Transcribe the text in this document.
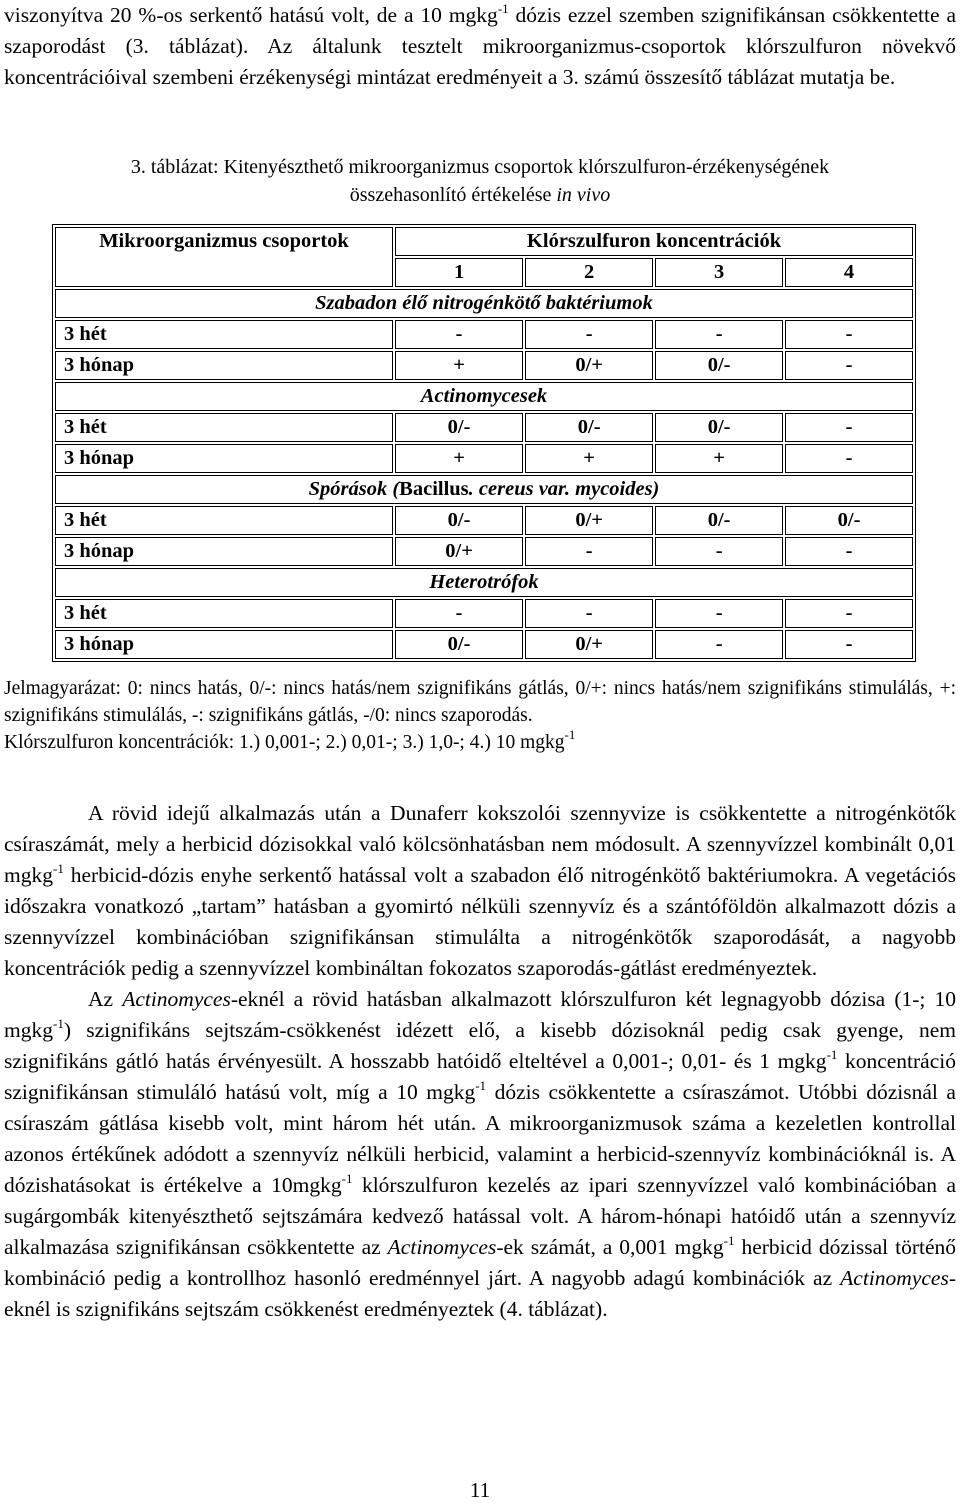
viszonyítva 20 %-os serkentő hatású volt, de a 10 mgkg$^{-1}$ dózis ezzel szemben szignifikánsan csökkentette a szaporodást (3. táblázat). Az általunk tesztelt mikroorganizmus-csoportok klórszulfuron növekvő koncentrációival szembeni érzékenységi mintázat eredményeit a 3. számú összesítő táblázat mutatja be.

3. táblázat: Kitenyészthető mikroorganizmus csoportok klórszulfuron-érzékenységének
összehasonlító értékelése in vivo
Mikroorganizmus csoportok	Klórszulfuron koncentrációk			
	1	2	3	4
Szabadon élő nitrogénkötő baktériumok				
3 hét	-	-	-	-
3 hónap	+	0/+	0/-	-
Actinomycesek				
3 hét	0/-	0/-	0/-	-
3 hónap	+	+	+	-
Spórások (Bacillus. cereus var. mycoides)				
3 hét	0/-	0/+	0/-	0/-
3 hónap	0/+	-	-	-
Heterotrófok				
3 hét	-	-	-	-
3 hónap	0/-	0/+	-	-

Jelmagyarázat: 0: nincs hatás, 0/-: nincs hatás/nem szignifikáns gátlás, 0/+: nincs hatás/nem szignifikáns stimulálás, +: szignifikáns stimulálás, -: szignifikáns gátlás, -/0: nincs szaporodás.

Klórszulfuron koncentrációk: 1.) 0,001-; 2.) 0,01-; 3.) 1,0-; 4.) 10 mgkg$^{-1}$

A rövid idejű alkalmazás után a Dunaferr kokszolói szennyvize is csökkentette a nitrogénkötők csíraszámát, mely a herbicid dózisokkal való kölcsönhatásban nem módosult. A szennyvízzel kombinált 0,01 mgkg$^{-1}$ herbicid-dózis enyhe serkentő hatással volt a szabadon élő nitrogénkötő baktériumokra. A vegetációs időszakra vonatkozó „tartam” hatásban a gyomirtó nélküli szennyvíz és a szántóföldön alkalmazott dózis a szennyvízzel kombinációban szignifikánsan stimulálta a nitrogénkötők szaporodását, a nagyobb koncentrációk pedig a szennyvízzel kombináltan fokozatos szaporodás-gátlást eredményeztek.

Az Actinomyces-eknél a rövid hatásban alkalmazott klórszulfuron két legnagyobb dózisa (1-; 10 mgkg$^{-1}$) szignifikáns sejtszám-csökkenést idézett elő, a kisebb dózisoknál pedig csak gyenge, nem szignifikáns gátló hatás érvényesült. A hosszabb hatóidő elteltével a 0,001-; 0,01- és 1 mgkg$^{-1}$ koncentráció szignifikánsan stimuláló hatású volt, míg a 10 mgkg$^{-1}$ dózis csökkentette a csíraszámot. Utóbbi dózisnál a csíraszám gátlása kisebb volt, mint három hét után. A mikroorganizmusok száma a kezeletlen kontrollal azonos értékűnek adódott a szennyvíz nélküli herbicid, valamint a herbicid-szennyvíz kombinációknál is. A dózishatásokat is értékelve a 10mgkg$^{-1}$ klórszulfuron kezelés az ipari szennyvízzel való kombinációban a sugárgombák kitenyészthető sejtszámára kedvező hatással volt. A három-hónapi hatóidő után a szennyvíz alkalmazása szignifikánsan csökkentette az Actinomyces-ek számát, a 0,001 mgkg$^{-1}$ herbicid dózissal történő kombináció pedig a kontrollhoz hasonló eredménnyel járt. A nagyobb adagú kombinációk az Actinomyces-eknél is szignifikáns sejtszám csökkenést eredményeztek (4. táblázat).

11
